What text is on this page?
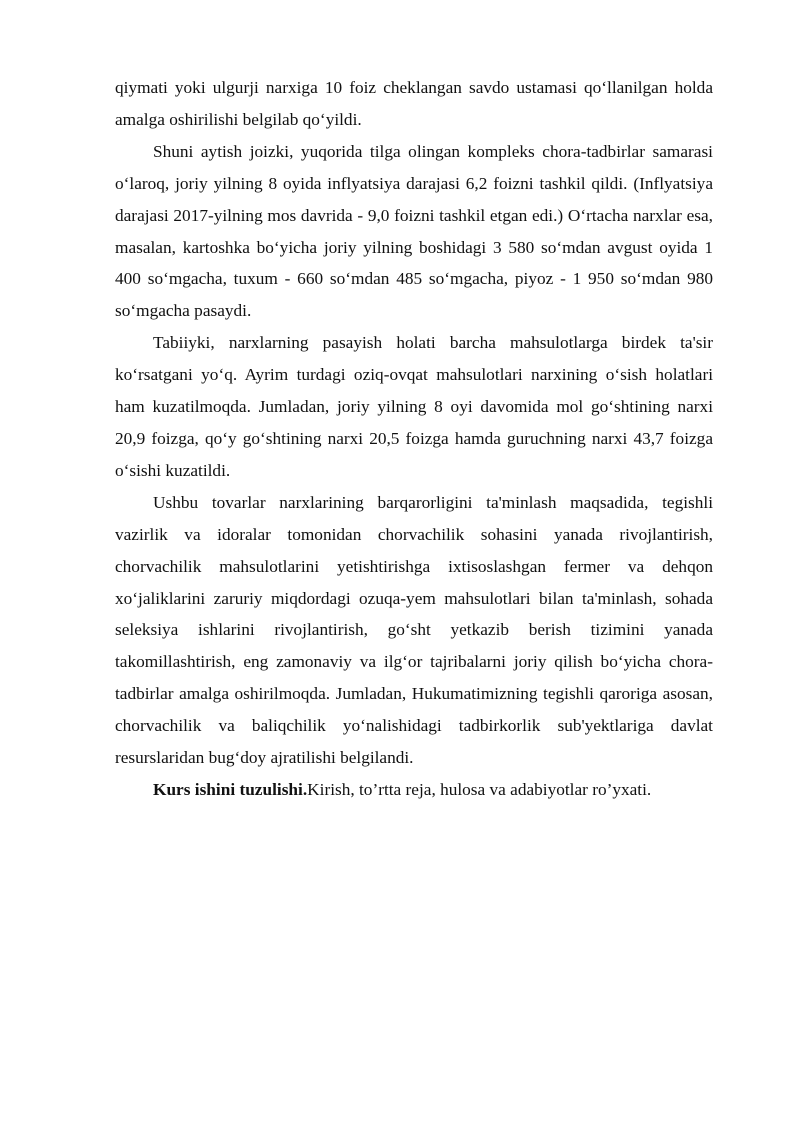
qiymati yoki ulgurji narxiga 10 foiz cheklangan savdo ustamasi qo‘llanilgan holda amalga oshirilishi belgilab qo‘yildi.

Shuni aytish joizki, yuqorida tilga olingan kompleks chora-tadbirlar samarasi o‘laroq, joriy yilning 8 oyida inflyatsiya darajasi 6,2 foizni tashkil qildi. (Inflyatsiya darajasi 2017-yilning mos davrida - 9,0 foizni tashkil etgan edi.) O‘rtacha narxlar esa, masalan, kartoshka bo‘yicha joriy yilning boshidagi 3 580 so‘mdan avgust oyida 1 400 so‘mgacha, tuxum - 660 so‘mdan 485 so‘mgacha, piyoz - 1 950 so‘mdan 980 so‘mgacha pasaydi.

Tabiiyki, narxlarning pasayish holati barcha mahsulotlarga birdek ta'sir ko‘rsatgani yo‘q. Ayrim turdagi oziq-ovqat mahsulotlari narxining o‘sish holatlari ham kuzatilmoqda. Jumladan, joriy yilning 8 oyi davomida mol go‘shtining narxi 20,9 foizga, qo‘y go‘shtining narxi 20,5 foizga hamda guruchning narxi 43,7 foizga o‘sishi kuzatildi.

Ushbu tovarlar narxlarining barqarorligini ta'minlash maqsadida, tegishli vazirlik va idoralar tomonidan chorvachilik sohasini yanada rivojlantirish, chorvachilik mahsulotlarini yetishtirishga ixtisoslashgan fermer va dehqon xo‘jaliklarini zaruriy miqdordagi ozuqa-yem mahsulotlari bilan ta'minlash, sohada seleksiya ishlarini rivojlantirish, go‘sht yetkazib berish tizimini yanada takomillashtirish, eng zamonaviy va ilg‘or tajribalarni joriy qilish bo‘yicha chora-tadbirlar amalga oshirilmoqda. Jumladan, Hukumatimizning tegishli qaroriga asosan, chorvachilik va baliqchilik yo‘nalishidagi tadbirkorlik sub'yektlariga davlat resurslaridan bug‘doy ajratilishi belgilandi.

Kurs ishini tuzulishi.Kirish, to’rtta reja, hulosa va adabiyotlar ro’yxati.
